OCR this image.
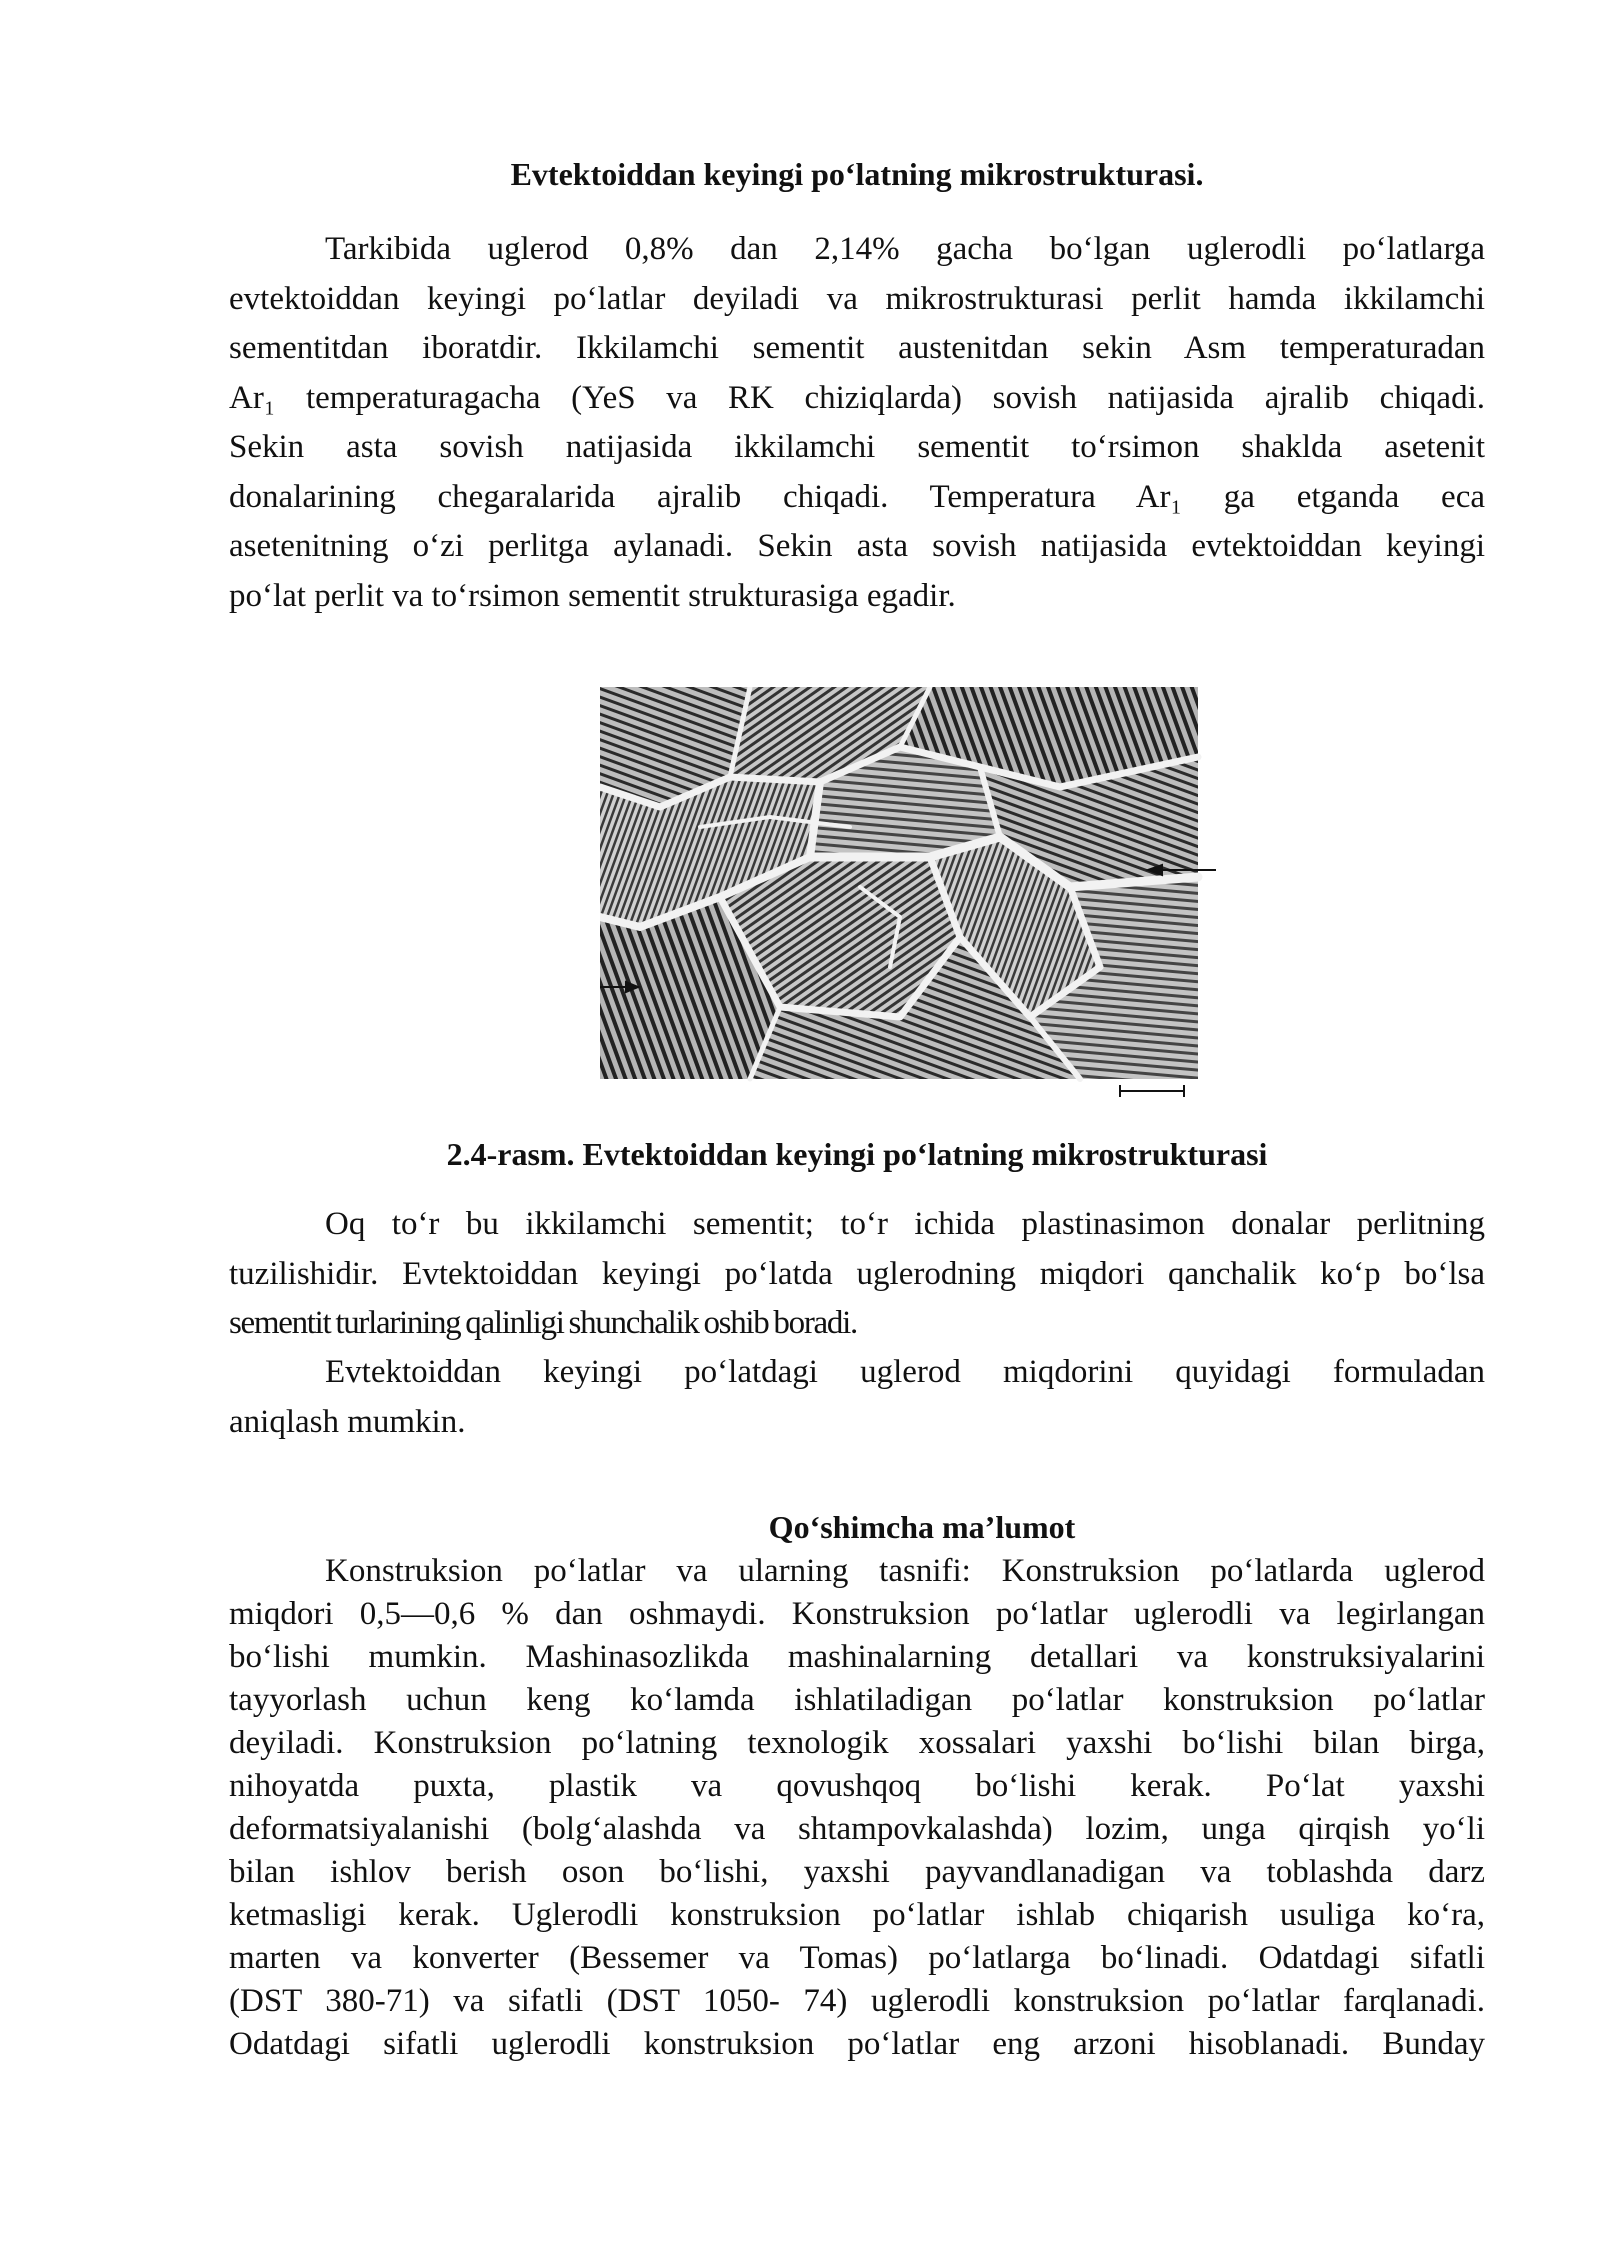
Evtektoiddan keyingi po‘latning mikrostrukturasi.
Tarkibida uglerod 0,8% dan 2,14% gacha bo‘lgan uglerodli po‘latlarga
evtektoiddan keyingi po‘latlar deyiladi va mikrostrukturasi perlit hamda ikkilamchi
sementitdan iboratdir. Ikkilamchi sementit austenitdan sekin Asm temperaturadan
Ar₁ temperaturagacha (YeS va RK chiziqlarda) sovish natijasida ajralib chiqadi.
Sekin asta sovish natijasida ikkilamchi sementit to‘rsimon shaklda asetenit
donalarining chegaralarida ajralib chiqadi. Temperatura Ar₁ ga etganda eca
asetenitning o‘zi perlitga aylanadi. Sekin asta sovish natijasida evtektoiddan keyingi
po‘lat perlit va to‘rsimon sementit strukturasiga egadir.
2.4-rasm. Evtektoiddan keyingi po‘latning mikrostrukturasi
Oq to‘r bu ikkilamchi sementit; to‘r ichida plastinasimon donalar perlitning
tuzilishidir. Evtektoiddan keyingi po‘latda uglerodning miqdori qanchalik ko‘p bo‘lsa
sementit turlarining qalinligi shunchalik oshib boradi.
Evtektoiddan keyingi po‘latdagi uglerod miqdorini quyidagi formuladan
aniqlash mumkin.
Qo‘shimcha ma’lumot
Konstruksion po‘latlar va ularning tasnifi: Konstruksion po‘latlarda uglerod
miqdori 0,5—0,6 % dan oshmaydi. Konstruksion po‘latlar uglerodli va legirlangan
bo‘lishi mumkin. Mashinasozlikda mashinalarning detallari va konstruksiyalarini
tayyorlash uchun keng ko‘lamda ishlatiladigan po‘latlar konstruksion po‘latlar
deyiladi. Konstruksion po‘latning texnologik xossalari yaxshi bo‘lishi bilan birga,
nihoyatda puxta, plastik va qovushqoq bo‘lishi kerak. Po‘lat yaxshi
deformatsiyalanishi (bolg‘alashda va shtampovkalashda) lozim, unga qirqish yo‘li
bilan ishlov berish oson bo‘lishi, yaxshi payvandlanadigan va toblashda darz
ketmasligi kerak. Uglerodli konstruksion po‘latlar ishlab chiqarish usuliga ko‘ra,
marten va konverter (Bessemer va Tomas) po‘latlarga bo‘linadi. Odatdagi sifatli
(DST 380-71) va sifatli (DST 1050- 74) uglerodli konstruksion po‘latlar farqlanadi.
Odatdagi sifatli uglerodli konstruksion po‘latlar eng arzoni hisoblanadi. Bunday
